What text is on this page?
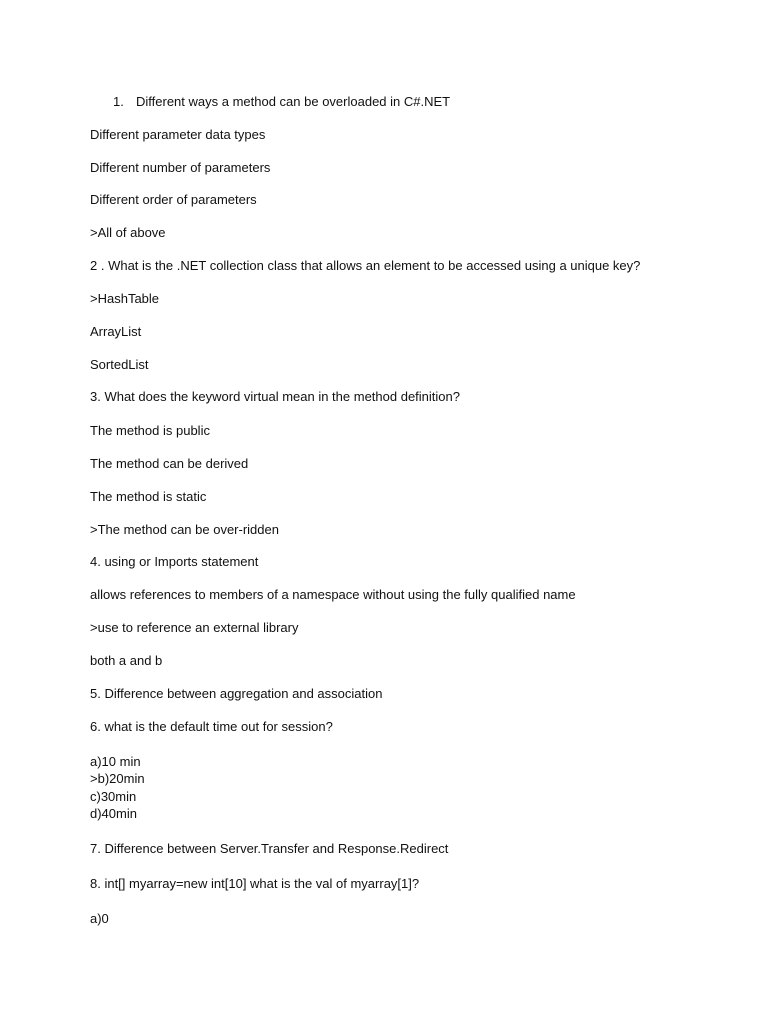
1. Different ways a method can be overloaded in C#.NET
Different parameter data types
Different number of parameters
Different order of parameters
>All of above
2 . What is the .NET collection class that allows an element to be accessed using a unique key?
>HashTable
ArrayList
SortedList
3. What does the keyword virtual mean in the method definition?
The method is public
The method can be derived
The method is static
>The method can be over-ridden
4. using or Imports statement
allows references to members of a namespace without using the fully qualified name
>use to reference an external library
both a and b
5. Difference between aggregation and association
6. what is the default time out for session?
a)10 min
>b)20min
c)30min
d)40min
7. Difference between Server.Transfer and Response.Redirect
8. int[] myarray=new int[10] what is the val of myarray[1]?
a)0
